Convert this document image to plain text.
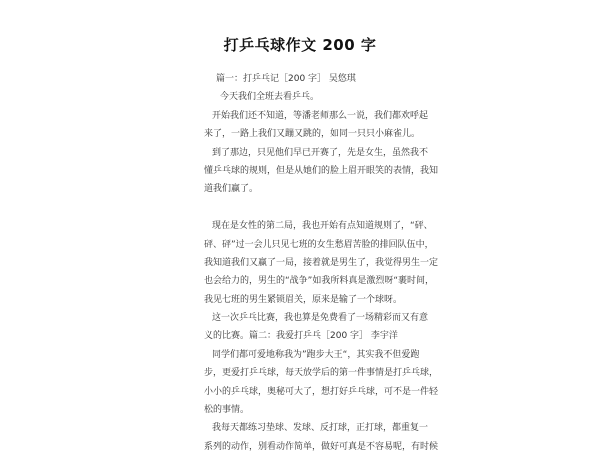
打乒乓球作文 200 字
篇一：打乒乓记［200 字］ 吴悠琪
今天我们全班去看乒乓。
开始我们还不知道，等潘老师那么一说，我们都欢呼起
来了，一路上我们又蹦又跳的，如同一只只小麻雀儿。
到了那边，只见他们早已开赛了，先是女生，虽然我不
懂乒乓球的规则，但是从她们的脸上眉开眼笑的表情，我知
道我们赢了。
现在是女性的第二局，我也开始有点知道规则了，“砰、
砰、砰”过一会儿只见七班的女生愁眉苦脸的排回队伍中，
我知道我们又赢了一局，接着就是男生了，我觉得男生一定
也会给力的，男生的“战争”如我所料真是激烈呀“裹时间，
我见七班的男生紧锁眉关，原来是输了一个球呀。
这一次乒乓比赛，我也算是免费看了一场精彩而又有意
义的比赛。篇二：我爱打乒乓［200 字］ 李宇洋
同学们都可爱地称我为”跑步大王“，其实我不但爱跑
步，更爱打乒乓球，每天放学后的第一件事情是打乒乓球，
小小的乒乓球，奥秘可大了，想打好乒乓球，可不是一件轻
松的事情。
我每天都练习垫球、发球、反打球，正打球，都重复一
系列的动作，别看动作简单，做好可真是不容易呢，有时候
